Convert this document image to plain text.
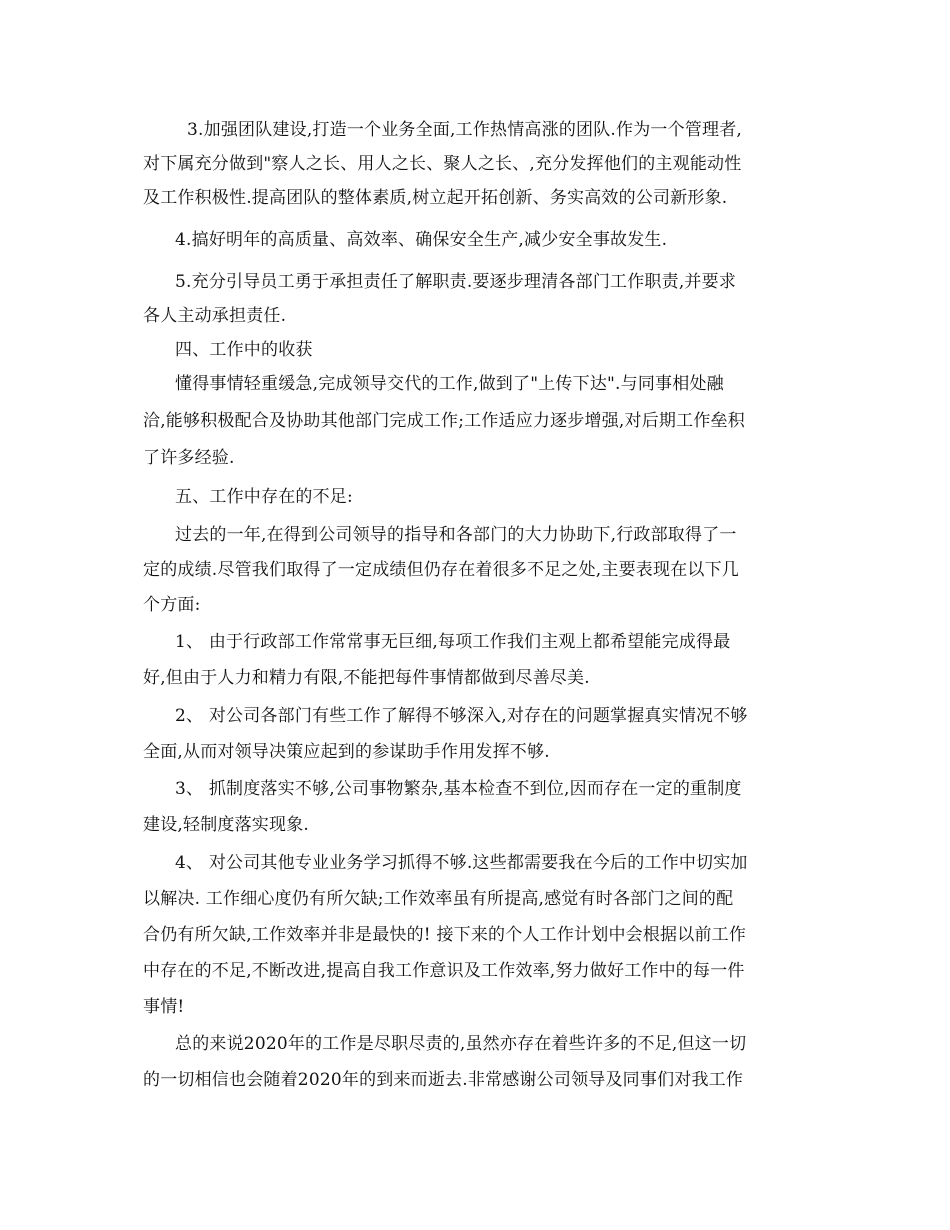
3.加强团队建设,打造一个业务全面,工作热情高涨的团队.作为一个管理者,
对下属充分做到"察人之长、用人之长、聚人之长、,充分发挥他们的主观能动性
及工作积极性.提高团队的整体素质,树立起开拓创新、务实高效的公司新形象.
4.搞好明年的高质量、高效率、确保安全生产,减少安全事故发生.
5.充分引导员工勇于承担责任了解职责.要逐步理清各部门工作职责,并要求
各人主动承担责任.
四、工作中的收获
懂得事情轻重缓急,完成领导交代的工作,做到了"上传下达".与同事相处融
洽,能够积极配合及协助其他部门完成工作;工作适应力逐步增强,对后期工作垒积
了许多经验.
五、工作中存在的不足:
过去的一年,在得到公司领导的指导和各部门的大力协助下,行政部取得了一
定的成绩.尽管我们取得了一定成绩但仍存在着很多不足之处,主要表现在以下几
个方面:
1、 由于行政部工作常常事无巨细,每项工作我们主观上都希望能完成得最
好,但由于人力和精力有限,不能把每件事情都做到尽善尽美.
2、 对公司各部门有些工作了解得不够深入,对存在的问题掌握真实情况不够
全面,从而对领导决策应起到的参谋助手作用发挥不够.
3、 抓制度落实不够,公司事物繁杂,基本检查不到位,因而存在一定的重制度
建设,轻制度落实现象.
4、 对公司其他专业业务学习抓得不够.这些都需要我在今后的工作中切实加
以解决. 工作细心度仍有所欠缺;工作效率虽有所提高,感觉有时各部门之间的配
合仍有所欠缺,工作效率并非是最快的! 接下来的个人工作计划中会根据以前工作
中存在的不足,不断改进,提高自我工作意识及工作效率,努力做好工作中的每一件
事情!
总的来说2020年的工作是尽职尽责的,虽然亦存在着些许多的不足,但这一切
的一切相信也会随着2020年的到来而逝去.非常感谢公司领导及同事们对我工作
